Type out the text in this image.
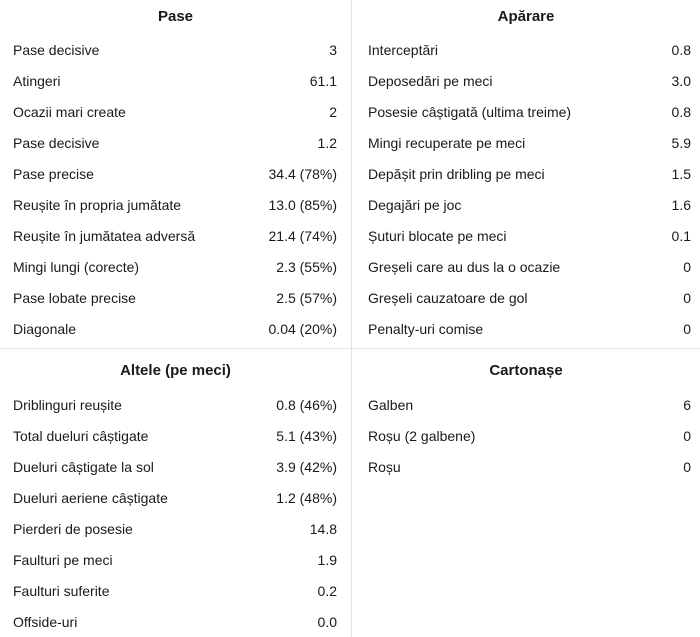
Pase
Pase decisive	3
Atingeri	61.1
Ocazii mari create	2
Pase decisive	1.2
Pase precise	34.4 (78%)
Reușite în propria jumătate	13.0 (85%)
Reușite în jumătatea adversă	21.4 (74%)
Mingi lungi (corecte)	2.3 (55%)
Pase lobate precise	2.5 (57%)
Diagonale	0.04 (20%)
Apărare
Interceptări	0.8
Deposedări pe meci	3.0
Posesie câștigată (ultima treime)	0.8
Mingi recuperate pe meci	5.9
Depășit prin dribling pe meci	1.5
Degajări pe joc	1.6
Șuturi blocate pe meci	0.1
Greșeli care au dus la o ocazie	0
Greșeli cauzatoare de gol	0
Penalty-uri comise	0
Altele (pe meci)
Driblinguri reușite	0.8 (46%)
Total dueluri câștigate	5.1 (43%)
Dueluri câștigate la sol	3.9 (42%)
Dueluri aeriene câștigate	1.2 (48%)
Pierderi de posesie	14.8
Faulturi pe meci	1.9
Faulturi suferite	0.2
Offside-uri	0.0
Cartonașe
Galben	6
Roșu (2 galbene)	0
Roșu	0
